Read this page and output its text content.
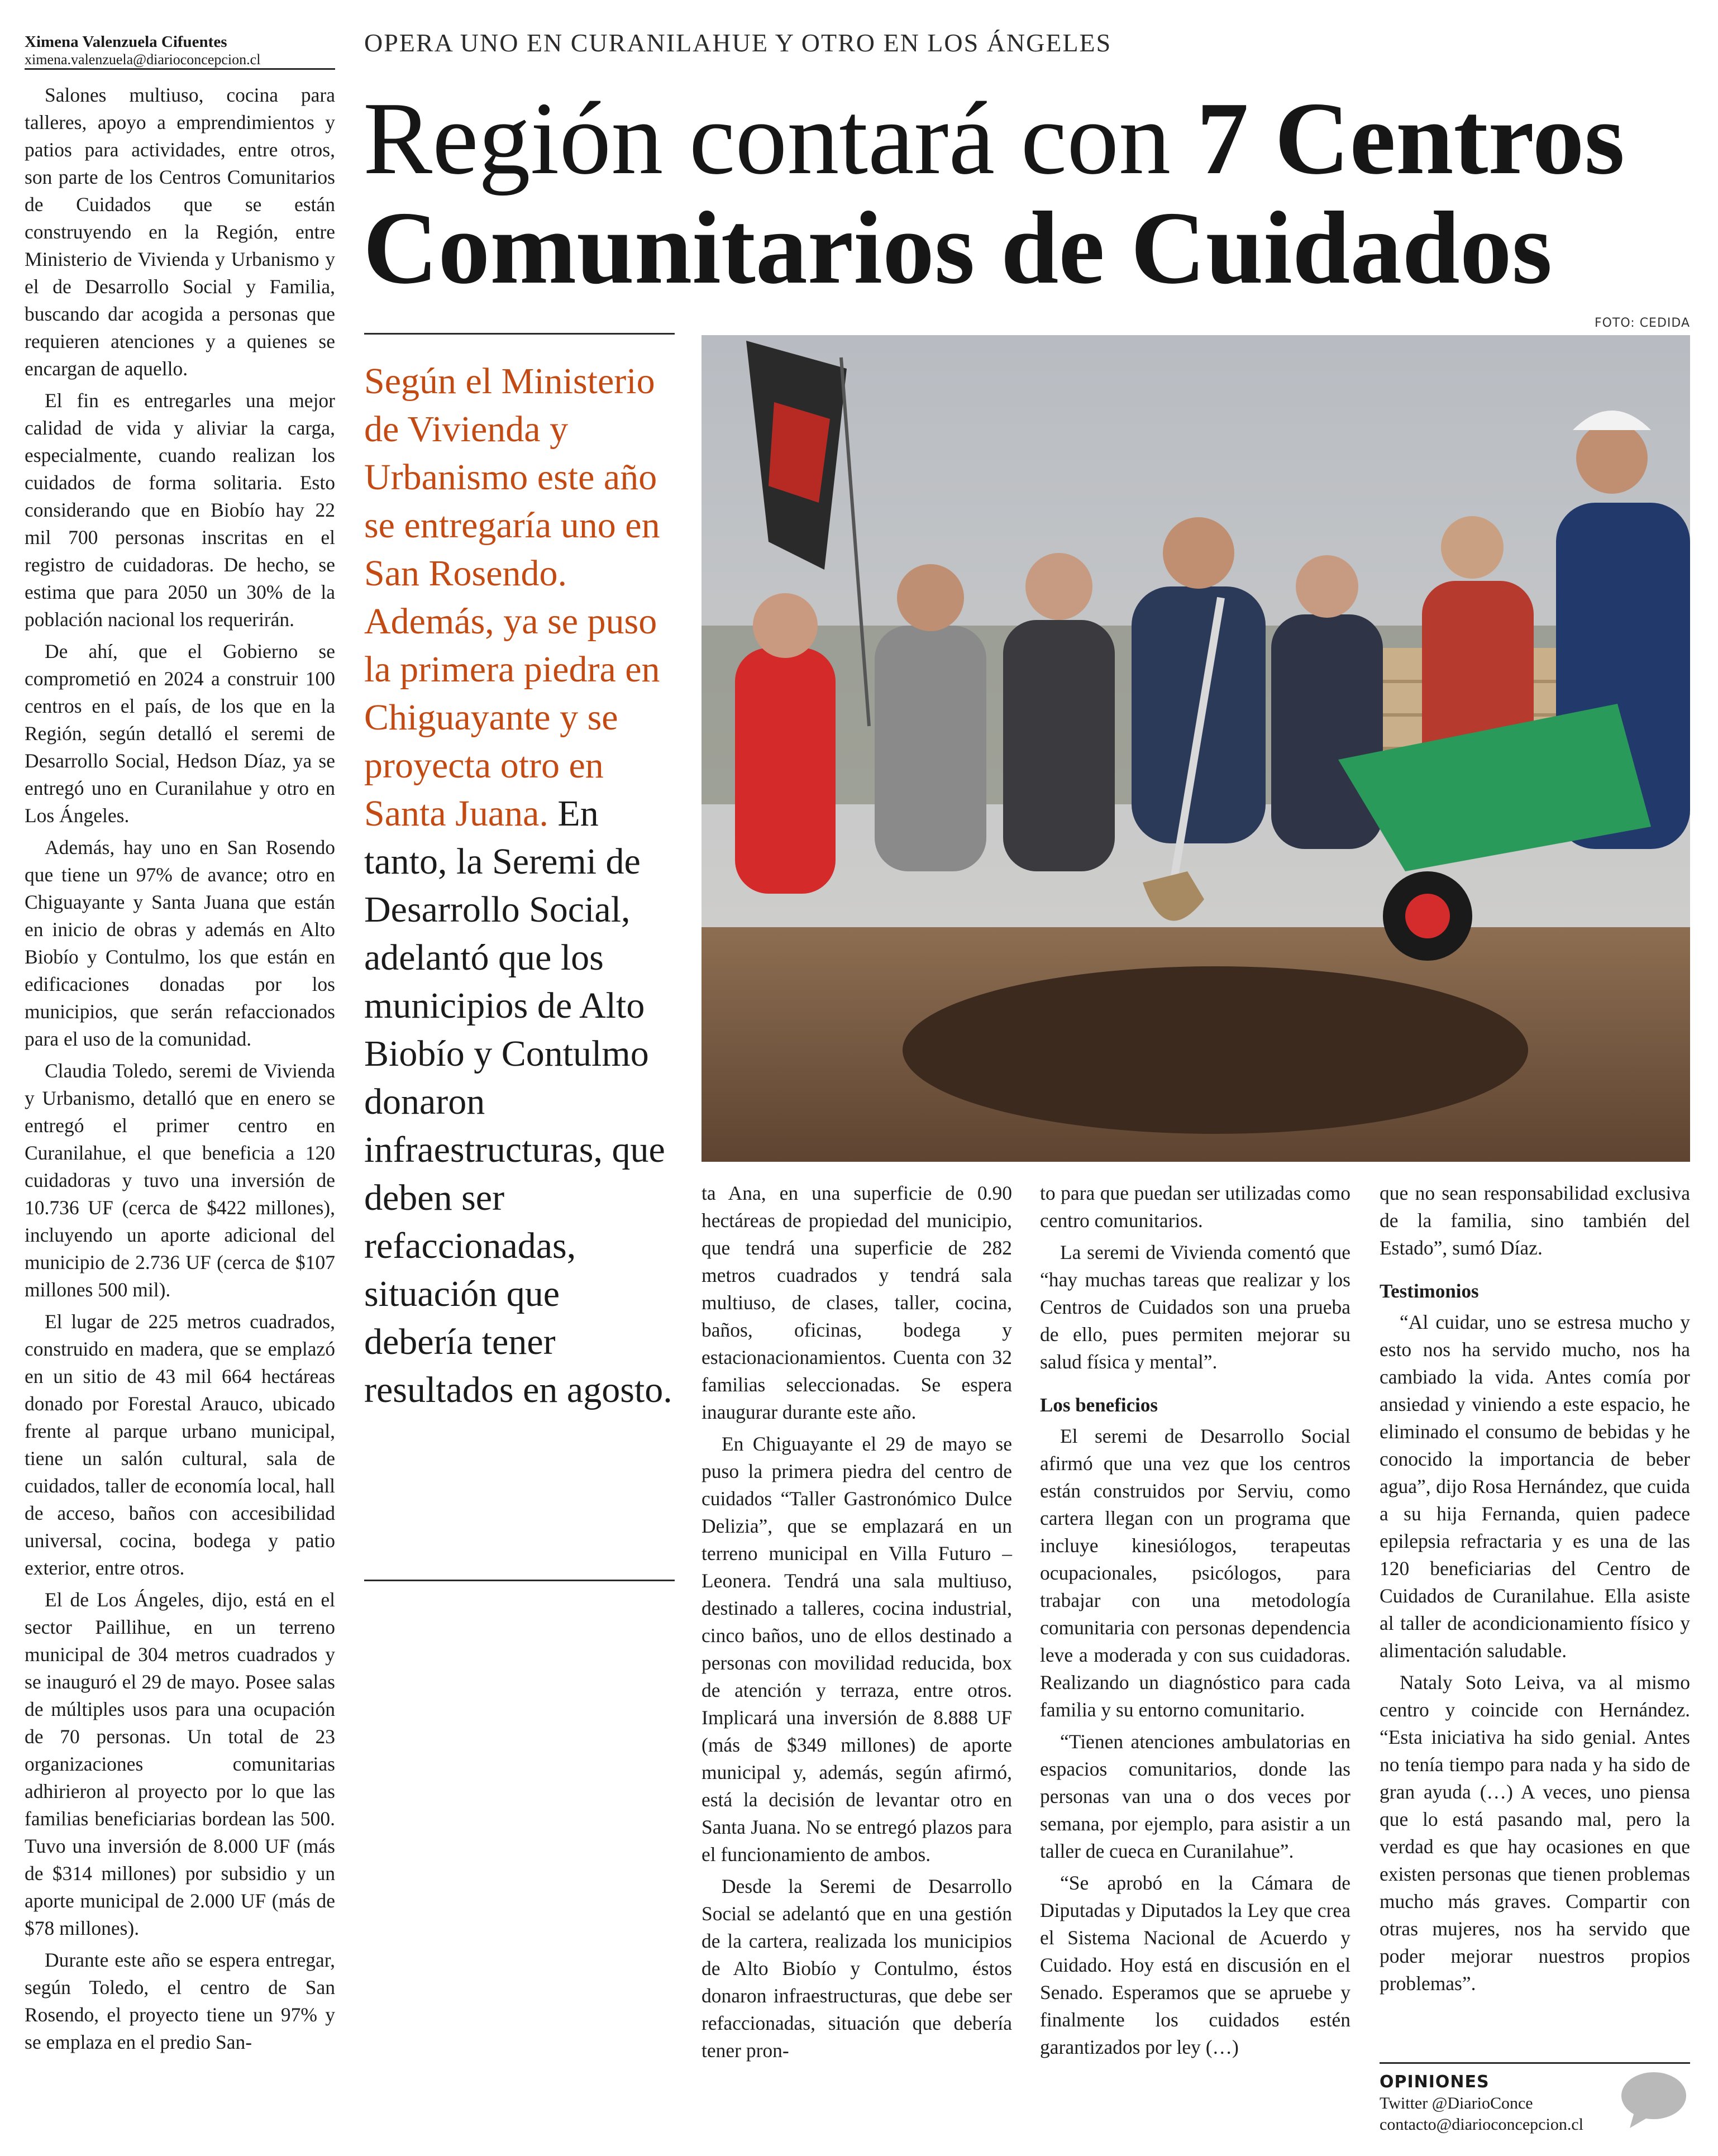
Ximena Valenzuela Cifuentes
ximena.valenzuela@diarioconcepcion.cl
OPERA UNO EN CURANILAHUE Y OTRO EN LOS ÁNGELES
Región contará con 7 Centros
Comunitarios de Cuidados
FOTO: CEDIDA
Según el Ministerio de Vivienda y Urbanismo este año se entregaría uno en San Rosendo. Además, ya se puso la primera piedra en Chiguayante y se proyecta otro en Santa Juana. En tanto, la Seremi de Desarrollo Social, adelantó que los municipios de Alto Biobío y Contulmo donaron infraestructuras, que deben ser refaccionadas, situación que debería tener resultados en agosto.

Salones multiuso, cocina para talleres, apoyo a emprendimientos y patios para actividades, entre otros, son parte de los Centros Comunitarios de Cuidados que se están construyendo en la Región, entre Ministerio de Vivienda y Urbanismo y el de Desarrollo Social y Familia, buscando dar acogida a personas que requieren atenciones y a quienes se encargan de aquello.

El fin es entregarles una mejor calidad de vida y aliviar la carga, especialmente, cuando realizan los cuidados de forma solitaria. Esto considerando que en Biobío hay 22 mil 700 personas inscritas en el registro de cuidadoras. De hecho, se estima que para 2050 un 30% de la población nacional los requerirán.

De ahí, que el Gobierno se comprometió en 2024 a construir 100 centros en el país, de los que en la Región, según detalló el seremi de Desarrollo Social, Hedson Díaz, ya se entregó uno en Curanilahue y otro en Los Ángeles.

Además, hay uno en San Rosendo que tiene un 97% de avance; otro en Chiguayante y Santa Juana que están en inicio de obras y además en Alto Biobío y Contulmo, los que están en edificaciones donadas por los municipios, que serán refaccionados para el uso de la comunidad.

Claudia Toledo, seremi de Vivienda y Urbanismo, detalló que en enero se entregó el primer centro en Curanilahue, el que beneficia a 120 cuidadoras y tuvo una inversión de 10.736 UF (cerca de $422 millones), incluyendo un aporte adicional del municipio de 2.736 UF (cerca de $107 millones 500 mil).

El lugar de 225 metros cuadrados, construido en madera, que se emplazó en un sitio de 43 mil 664 hectáreas donado por Forestal Arauco, ubicado frente al parque urbano municipal, tiene un salón cultural, sala de cuidados, taller de economía local, hall de acceso, baños con accesibilidad universal, cocina, bodega y patio exterior, entre otros.

El de Los Ángeles, dijo, está en el sector Paillihue, en un terreno municipal de 304 metros cuadrados y se inauguró el 29 de mayo. Posee salas de múltiples usos para una ocupación de 70 personas. Un total de 23 organizaciones comunitarias adhirieron al proyecto por lo que las familias beneficiarias bordean las 500. Tuvo una inversión de 8.000 UF (más de $314 millones) por subsidio y un aporte municipal de 2.000 UF (más de $78 millones).

Durante este año se espera entregar, según Toledo, el centro de San Rosendo, el proyecto tiene un 97% y se emplaza en el predio San-

ta Ana, en una superficie de 0.90 hectáreas de propiedad del municipio, que tendrá una superficie de 282 metros cuadrados y tendrá sala multiuso, de clases, taller, cocina, baños, oficinas, bodega y estacionacionamientos. Cuenta con 32 familias seleccionadas. Se espera inaugurar durante este año.

En Chiguayante el 29 de mayo se puso la primera piedra del centro de cuidados “Taller Gastronómico Dulce Delizia”, que se emplazará en un terreno municipal en Villa Futuro – Leonera. Tendrá una sala multiuso, destinado a talleres, cocina industrial, cinco baños, uno de ellos destinado a personas con movilidad reducida, box de atención y terraza, entre otros. Implicará una inversión de 8.888 UF (más de $349 millones) de aporte municipal y, además, según afirmó, está la decisión de levantar otro en Santa Juana. No se entregó plazos para el funcionamiento de ambos.

Desde la Seremi de Desarrollo Social se adelantó que en una gestión de la cartera, realizada los municipios de Alto Biobío y Contulmo, éstos donaron infraestructuras, que debe ser refaccionadas, situación que debería tener pron-

to para que puedan ser utilizadas como centro comunitarios.

La seremi de Vivienda comentó que “hay muchas tareas que realizar y los Centros de Cuidados son una prueba de ello, pues permiten mejorar su salud física y mental”.

Los beneficios

El seremi de Desarrollo Social afirmó que una vez que los centros están construidos por Serviu, como cartera llegan con un programa que incluye kinesiólogos, terapeutas ocupacionales, psicólogos, para trabajar con una metodología comunitaria con personas dependencia leve a moderada y con sus cuidadoras. Realizando un diagnóstico para cada familia y su entorno comunitario.

“Tienen atenciones ambulatorias en espacios comunitarios, donde las personas van una o dos veces por semana, por ejemplo, para asistir a un taller de cueca en Curanilahue”.

“Se aprobó en la Cámara de Diputadas y Diputados la Ley que crea el Sistema Nacional de Acuerdo y Cuidado. Hoy está en discusión en el Senado. Esperamos que se apruebe y finalmente los cuidados estén garantizados por ley (…)

que no sean responsabilidad exclusiva de la familia, sino también del Estado”, sumó Díaz.

Testimonios

“Al cuidar, uno se estresa mucho y esto nos ha servido mucho, nos ha cambiado la vida. Antes comía por ansiedad y viniendo a este espacio, he eliminado el consumo de bebidas y he conocido la importancia de beber agua”, dijo Rosa Hernández, que cuida a su hija Fernanda, quien padece epilepsia refractaria y es una de las 120 beneficiarias del Centro de Cuidados de Curanilahue. Ella asiste al taller de acondicionamiento físico y alimentación saludable.

Nataly Soto Leiva, va al mismo centro y coincide con Hernández. “Esta iniciativa ha sido genial. Antes no tenía tiempo para nada y ha sido de gran ayuda (…) A veces, uno piensa que lo está pasando mal, pero la verdad es que hay ocasiones en que existen personas que tienen problemas mucho más graves. Compartir con otras mujeres, nos ha servido que poder mejorar nuestros propios problemas”.

OPINIONES
Twitter @DiarioConce
contacto@diarioconcepcion.cl
